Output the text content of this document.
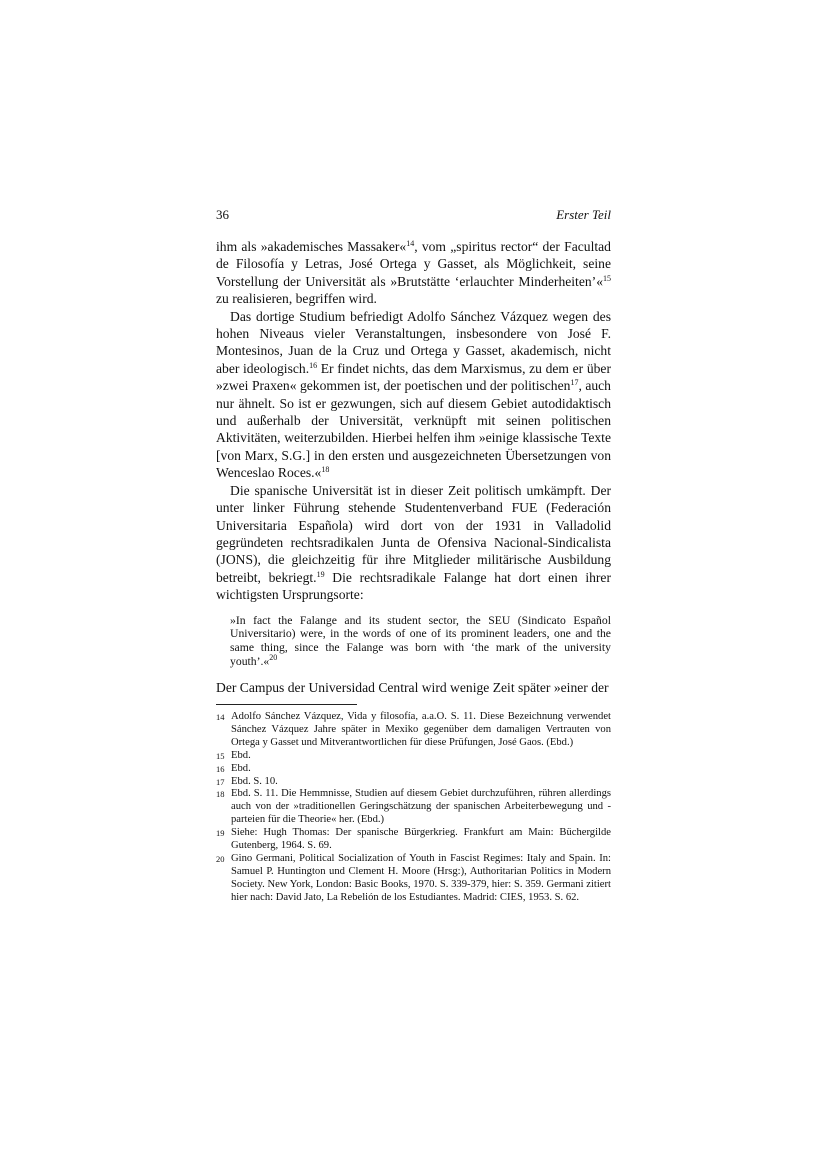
36	Erster Teil

ihm als »akademisches Massaker«$^{14}$, vom „spiritus rector“ der Facultad de Filosofía y Letras, José Ortega y Gasset, als Möglichkeit, seine Vorstellung der Universität als »Brutstätte ‘erlauchter Minderheiten’«$^{15}$ zu realisieren, begriffen wird.

Das dortige Studium befriedigt Adolfo Sánchez Vázquez wegen des hohen Niveaus vieler Veranstaltungen, insbesondere von José F. Montesinos, Juan de la Cruz und Ortega y Gasset, akademisch, nicht aber ideologisch.$^{16}$ Er findet nichts, das dem Marxismus, zu dem er über »zwei Praxen« gekommen ist, der poetischen und der politischen$^{17}$, auch nur ähnelt. So ist er gezwungen, sich auf diesem Gebiet autodidaktisch und außerhalb der Universität, verknüpft mit seinen politischen Aktivitäten, weiterzubilden. Hierbei helfen ihm »einige klassische Texte [von Marx, S.G.] in den ersten und ausgezeichneten Übersetzungen von Wenceslao Roces.«$^{18}$

Die spanische Universität ist in dieser Zeit politisch umkämpft. Der unter linker Führung stehende Studentenverband FUE (Federación Universitaria Española) wird dort von der 1931 in Valladolid gegründeten rechtsradikalen Junta de Ofensiva Nacional-Sindicalista (JONS), die gleichzeitig für ihre Mitglieder militärische Ausbildung betreibt, bekriegt.$^{19}$ Die rechtsradikale Falange hat dort einen ihrer wichtigsten Ursprungsorte:

»In fact the Falange and its student sector, the SEU (Sindicato Español Universitario) were, in the words of one of its prominent leaders, one and the same thing, since the Falange was born with ‘the mark of the university youth’.«$^{20}$

Der Campus der Universidad Central wird wenige Zeit später »einer der

14 Adolfo Sánchez Vázquez, Vida y filosofía, a.a.O. S. 11. Diese Bezeichnung verwendet Sánchez Vázquez Jahre später in Mexiko gegenüber dem damaligen Vertrauten von Ortega y Gasset und Mitverantwortlichen für diese Prüfungen, José Gaos. (Ebd.)
15 Ebd.
16 Ebd.
17 Ebd. S. 10.
18 Ebd. S. 11. Die Hemmnisse, Studien auf diesem Gebiet durchzuführen, rühren allerdings auch von der »traditionellen Geringschätzung der spanischen Arbeiterbewegung und -parteien für die Theorie« her. (Ebd.)
19 Siehe: Hugh Thomas: Der spanische Bürgerkrieg. Frankfurt am Main: Büchergilde Gutenberg, 1964. S. 69.
20 Gino Germani, Political Socialization of Youth in Fascist Regimes: Italy and Spain. In: Samuel P. Huntington und Clement H. Moore (Hrsg:), Authoritarian Politics in Modern Society. New York, London: Basic Books, 1970. S. 339-379, hier: S. 359. Germani zitiert hier nach: David Jato, La Rebelión de los Estudiantes. Madrid: CIES, 1953. S. 62.
